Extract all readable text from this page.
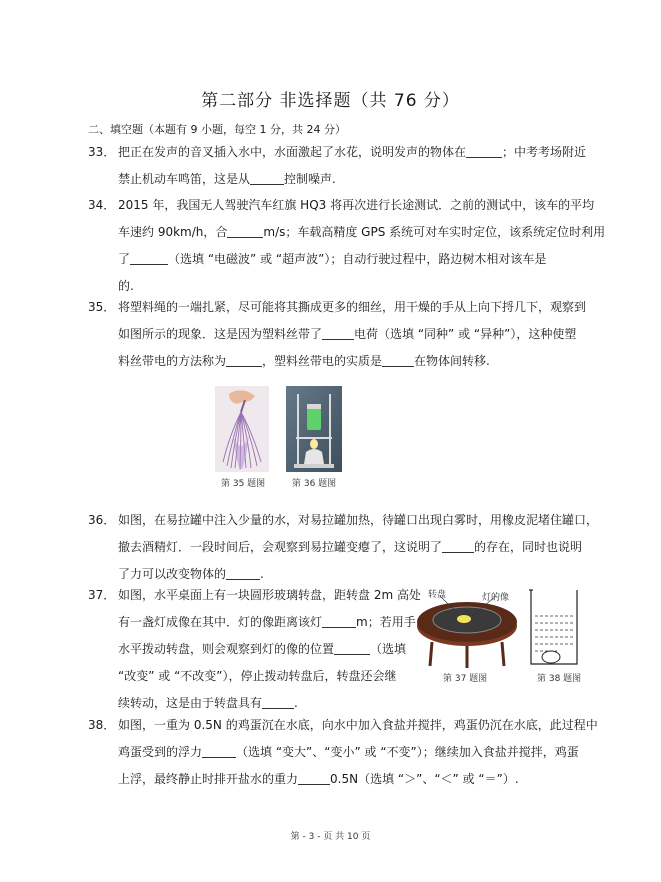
第二部分 非选择题（共 76 分）
二、填空题（本题有 9 小题，每空 1 分，共 24 分）
33． 把正在发声的音叉插入水中，水面激起了水花，说明发声的物体在	；中考考场附近
禁止机动车鸣笛，这是从	控制噪声.
34． 2015 年，我国无人驾驶汽车红旗 HQ3 将再次进行长途测试．之前的测试中，该车的平均
车速约 90km/h，合	m/s；车载高精度 GPS 系统可对车实时定位，该系统定位时利用
了	（选填 “电磁波” 或 “超声波”）；自动行驶过程中，路边树木相对该车是
的.
35． 将塑料绳的一端扎紧，尽可能将其撕成更多的细丝，用干燥的手从上向下捋几下，观察到
如图所示的现象．这是因为塑料丝带了	电荷（选填 “同种” 或 “异种”），这种使塑
料丝带电的方法称为	，塑料丝带电的实质是	在物体间转移.
第 35 题图	第 36 题图
36． 如图，在易拉罐中注入少量的水，对易拉罐加热，待罐口出现白雾时，用橡皮泥堵住罐口，
撤去酒精灯．一段时间后，会观察到易拉罐变瘪了，这说明了	的存在，同时也说明
了力可以改变物体的	.
37． 如图，水平桌面上有一块圆形玻璃转盘，距转盘 2m 高处
有一盏灯成像在其中．灯的像距离该灯	m；若用手
水平拨动转盘，则会观察到灯的像的位置	（选填
“改变” 或 “不改变”），停止拨动转盘后，转盘还会继
续转动，这是由于转盘具有	.
转盘	灯的像
第 37 题图	第 38 题图
38． 如图，一重为 0.5N 的鸡蛋沉在水底，向水中加入食盐并搅拌，鸡蛋仍沉在水底，此过程中
鸡蛋受到的浮力	（选填 “变大”、“变小” 或 “不变”）；继续加入食盐并搅拌，鸡蛋
上浮，最终静止时排开盐水的重力	0.5N（选填 “＞”、“＜” 或 “＝”）.
第 - 3 - 页 共 10 页
